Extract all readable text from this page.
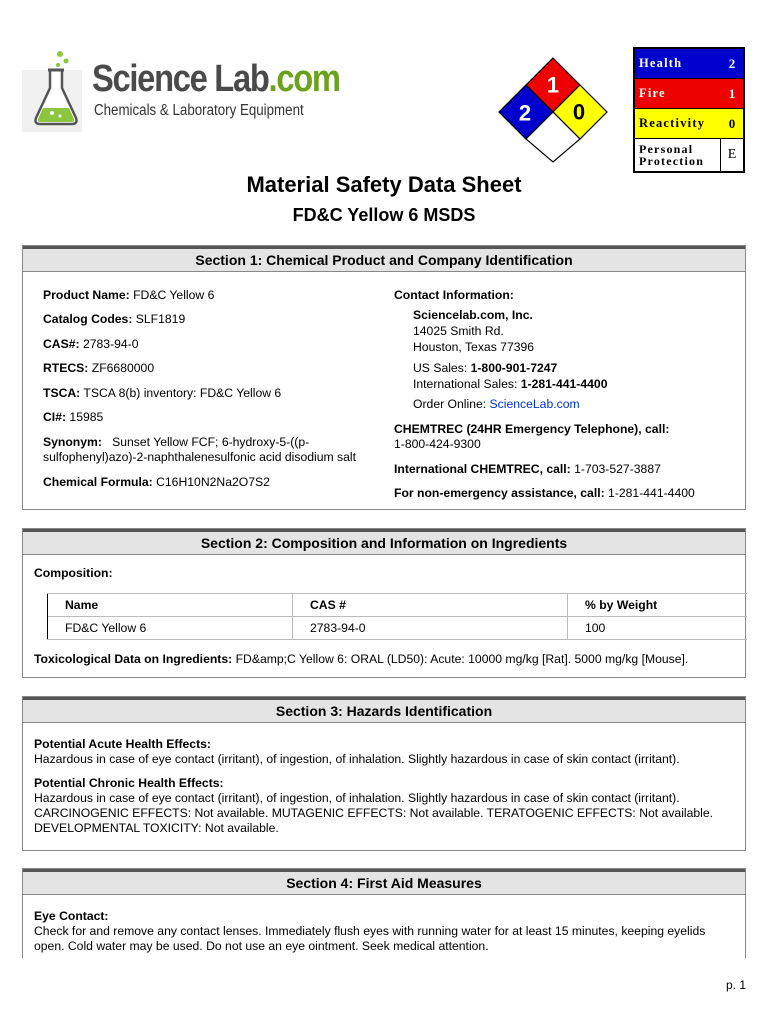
Science Lab.com
Chemicals & Laboratory Equipment
1
2 0
Health	2
Fire	1
Reactivity	0
Personal
Protection	E
Material Safety Data Sheet
FD&C Yellow 6 MSDS
Section 1: Chemical Product and Company Identification
Product Name: FD&C Yellow 6
Catalog Codes: SLF1819
CAS#: 2783-94-0
RTECS: ZF6680000
TSCA: TSCA 8(b) inventory: FD&C Yellow 6
CI#: 15985
Synonym:   Sunset Yellow FCF; 6-hydroxy-5-((p-
sulfophenyl)azo)-2-naphthalenesulfonic acid disodium salt
Chemical Formula: C16H10N2Na2O7S2
Contact Information:
Sciencelab.com, Inc.
14025 Smith Rd.
Houston, Texas 77396
US Sales: 1-800-901-7247
International Sales: 1-281-441-4400
Order Online: ScienceLab.com
CHEMTREC (24HR Emergency Telephone), call:
1-800-424-9300
International CHEMTREC, call: 1-703-527-3887
For non-emergency assistance, call: 1-281-441-4400
Section 2: Composition and Information on Ingredients
Composition:
Name	CAS #	% by Weight
FD&C Yellow 6	2783-94-0	100
Toxicological Data on Ingredients: FD&amp;C Yellow 6: ORAL (LD50): Acute: 10000 mg/kg [Rat]. 5000 mg/kg [Mouse].
Section 3: Hazards Identification
Potential Acute Health Effects:
Hazardous in case of eye contact (irritant), of ingestion, of inhalation. Slightly hazardous in case of skin contact (irritant).
Potential Chronic Health Effects:
Hazardous in case of eye contact (irritant), of ingestion, of inhalation. Slightly hazardous in case of skin contact (irritant).
CARCINOGENIC EFFECTS: Not available. MUTAGENIC EFFECTS: Not available. TERATOGENIC EFFECTS: Not available.
DEVELOPMENTAL TOXICITY: Not available.
Section 4: First Aid Measures
Eye Contact:
Check for and remove any contact lenses. Immediately flush eyes with running water for at least 15 minutes, keeping eyelids
open. Cold water may be used. Do not use an eye ointment. Seek medical attention.
p. 1
